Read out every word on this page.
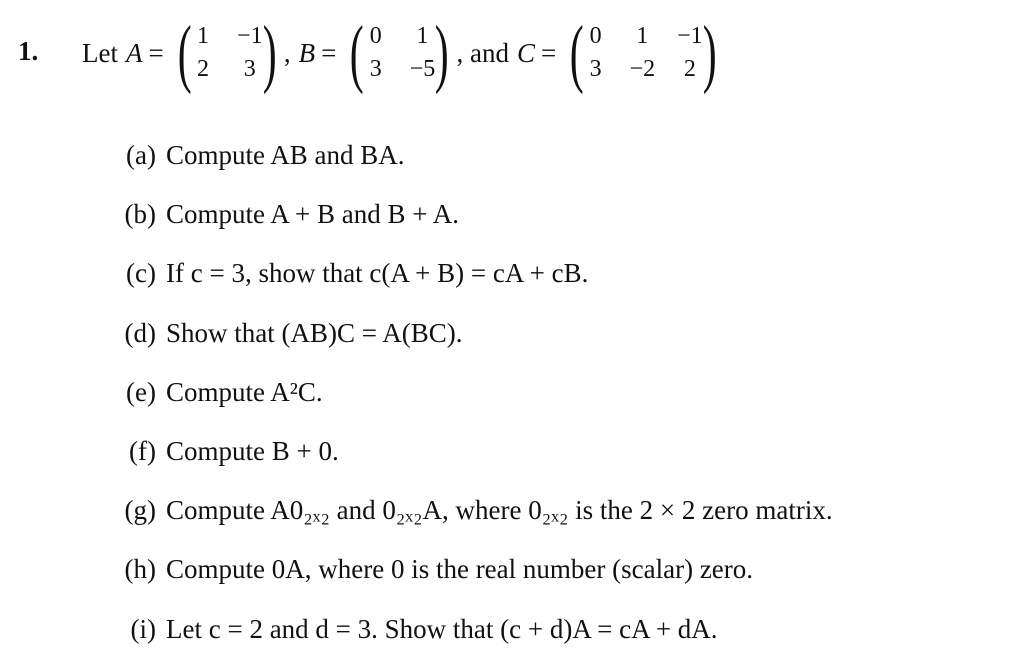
1. Let A = ( 1 −1
2 3 ) , B = ( 0 1
3 −5 ) , and C = ( 0 1 −1
3 −2 2 )
(a) Compute AB and BA.
(b) Compute A + B and B + A.
(c) If c = 3, show that c(A + B) = cA + cB.
(d) Show that (AB)C = A(BC).
(e) Compute A²C.
(f) Compute B + 0.
(g) Compute A0₂ₓ₂ and 0₂ₓ₂A, where 0₂ₓ₂ is the 2 × 2 zero matrix.
(h) Compute 0A, where 0 is the real number (scalar) zero.
(i) Let c = 2 and d = 3. Show that (c + d)A = cA + dA.
